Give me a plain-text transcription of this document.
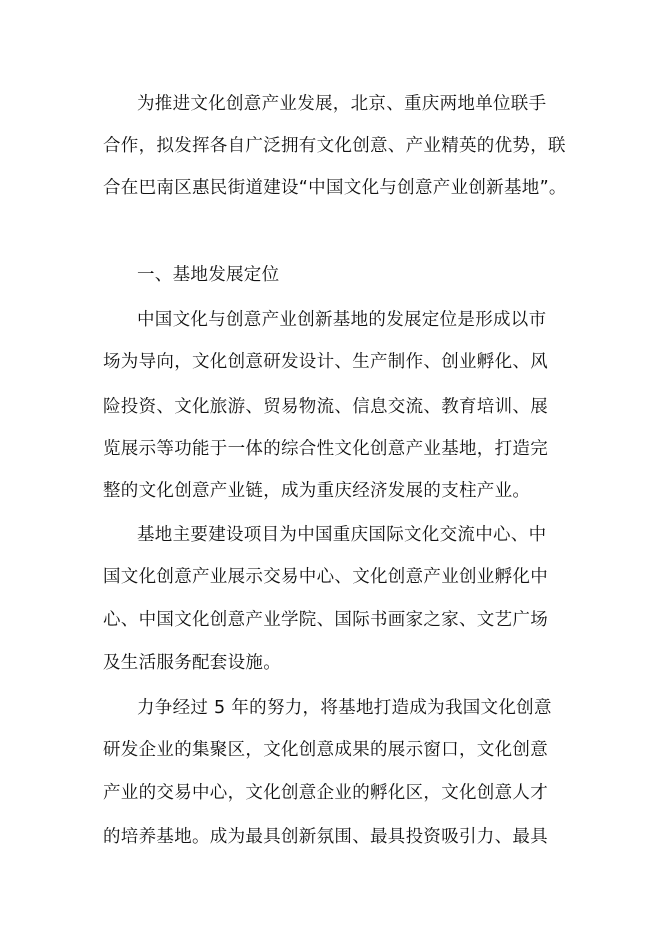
为推进文化创意产业发展，北京、重庆两地单位联手
合作，拟发挥各自广泛拥有文化创意、产业精英的优势，联
合在巴南区惠民街道建设“中国文化与创意产业创新基地”。
一、基地发展定位
中国文化与创意产业创新基地的发展定位是形成以市
场为导向，文化创意研发设计、生产制作、创业孵化、风
险投资、文化旅游、贸易物流、信息交流、教育培训、展
览展示等功能于一体的综合性文化创意产业基地，打造完
整的文化创意产业链，成为重庆经济发展的支柱产业。
基地主要建设项目为中国重庆国际文化交流中心、中
国文化创意产业展示交易中心、文化创意产业创业孵化中
心、中国文化创意产业学院、国际书画家之家、文艺广场
及生活服务配套设施。
力争经过 5 年的努力，将基地打造成为我国文化创意
研发企业的集聚区，文化创意成果的展示窗口，文化创意
产业的交易中心，文化创意企业的孵化区，文化创意人才
的培养基地。成为最具创新氛围、最具投资吸引力、最具
